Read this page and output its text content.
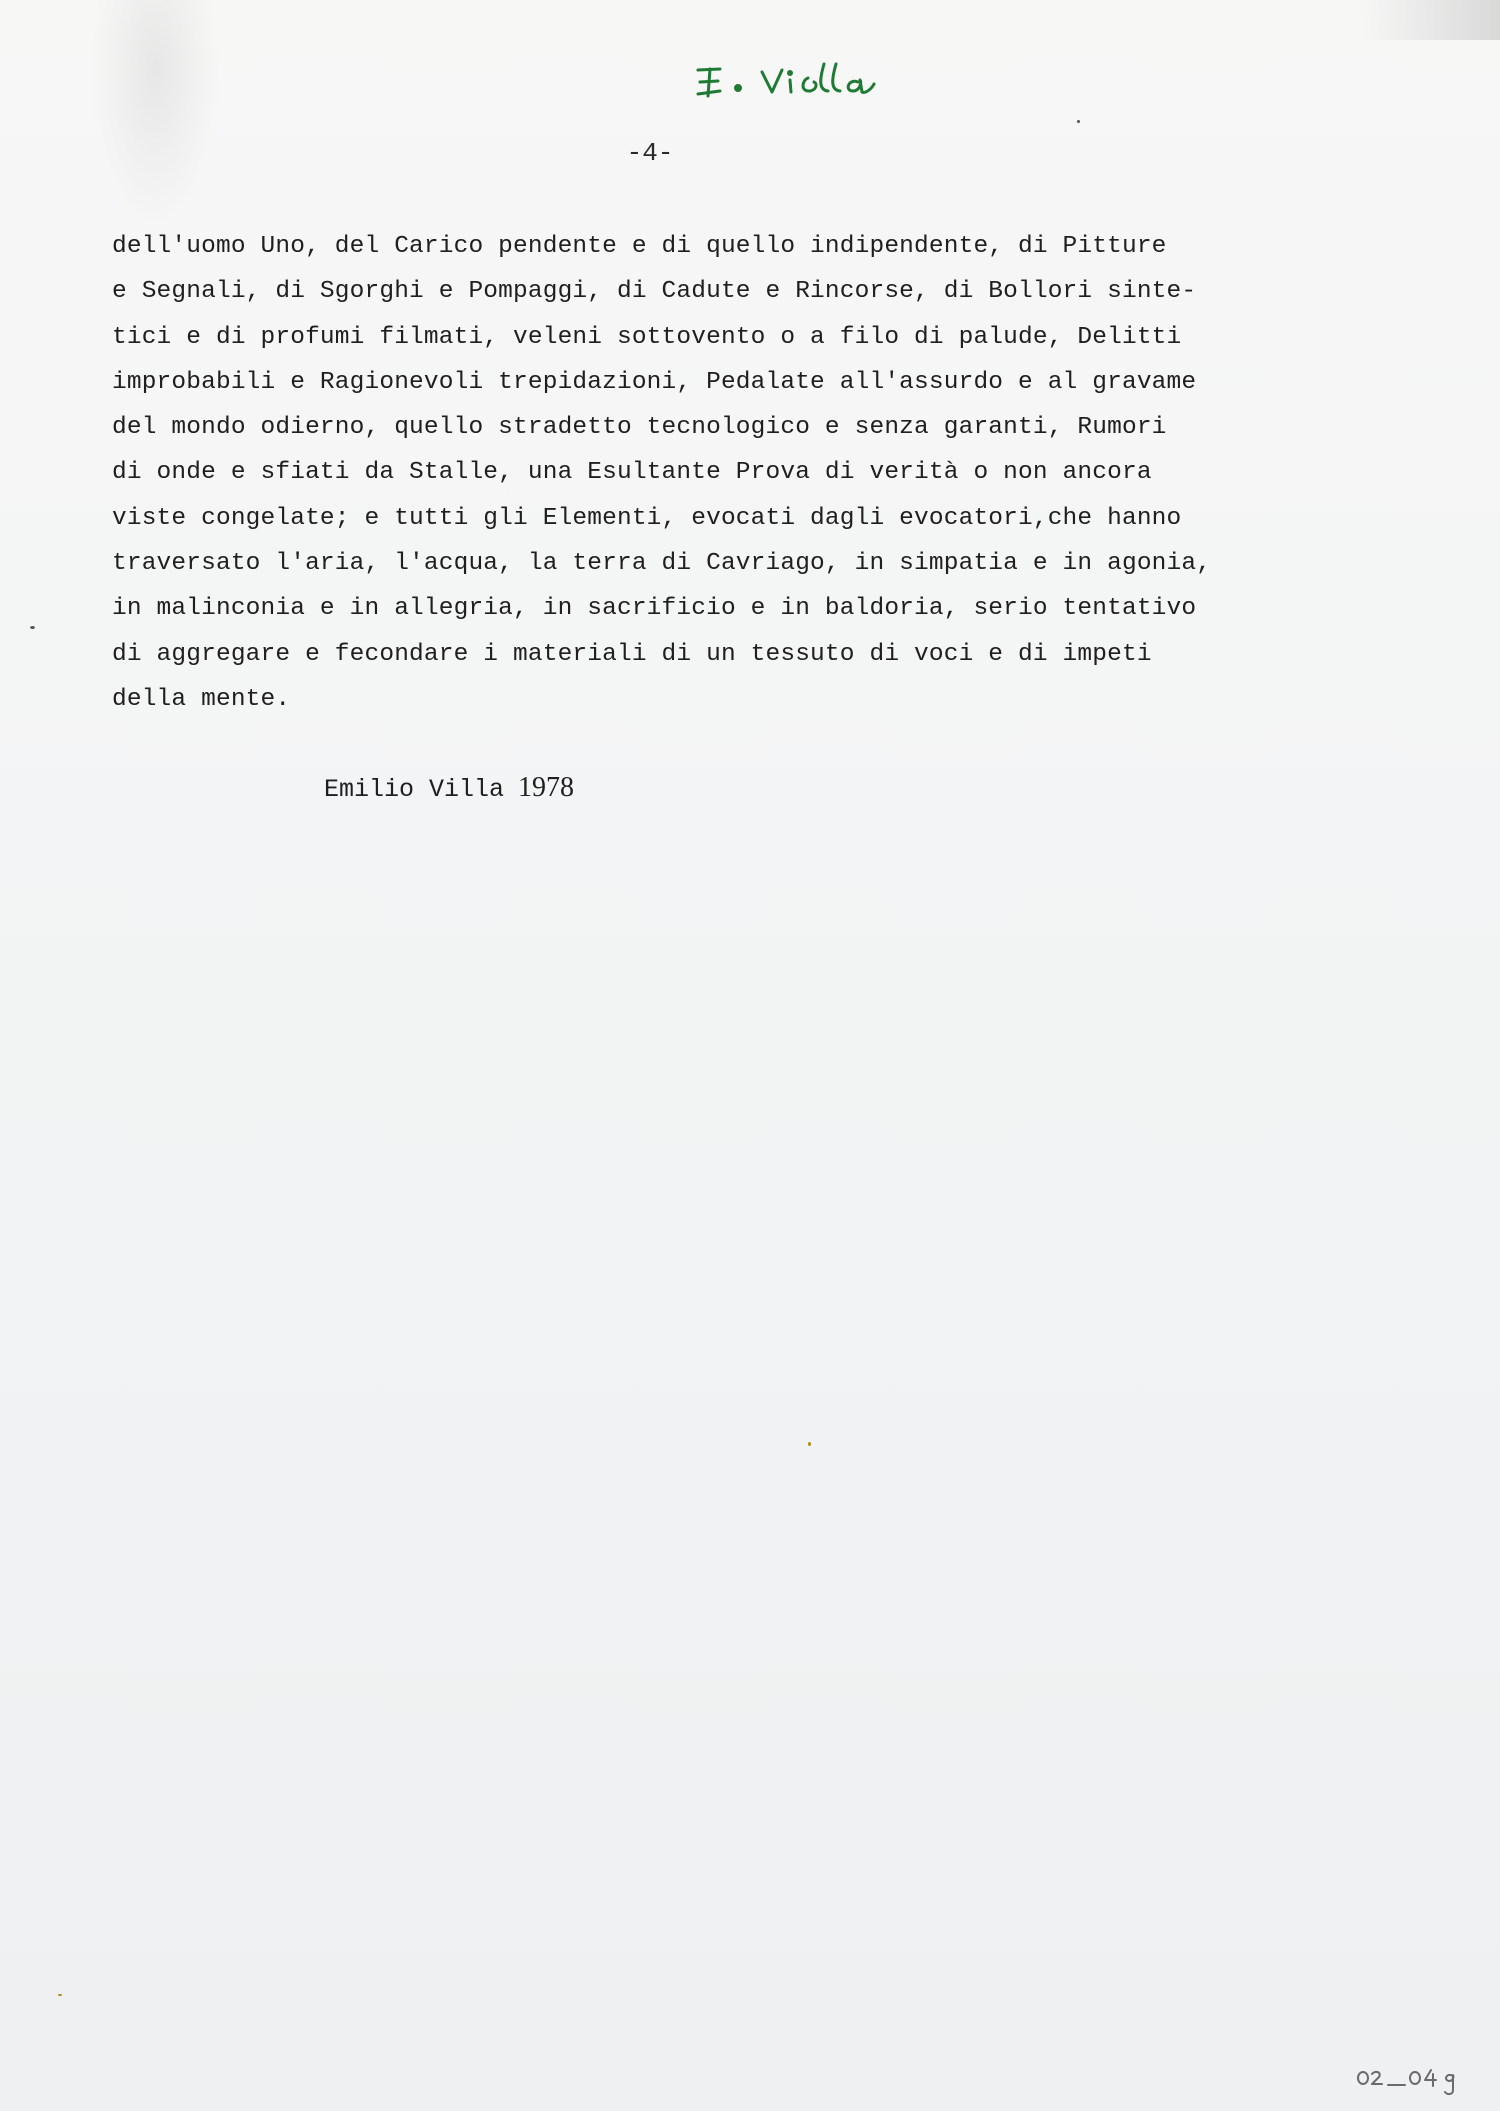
-4-
dell'uomo Uno, del Carico pendente e di quello indipendente, di Pitture
e Segnali, di Sgorghi e Pompaggi, di Cadute e Rincorse, di Bollori sinte-
tici e di profumi filmati, veleni sottovento o a filo di palude, Delitti
improbabili e Ragionevoli trepidazioni, Pedalate all'assurdo e al gravame
del mondo odierno, quello stradetto tecnologico e senza garanti, Rumori
di onde e sfiati da Stalle, una Esultante Prova di verità o non ancora
viste congelate; e tutti gli Elementi, evocati dagli evocatori,che hanno
traversato l'aria, l'acqua, la terra di Cavriago, in simpatia e in agonia,
in malinconia e in allegria, in sacrificio e in baldoria, serio tentativo
di aggregare e fecondare i materiali di un tessuto di voci e di impeti
della mente.
Emilio Villa 1978
